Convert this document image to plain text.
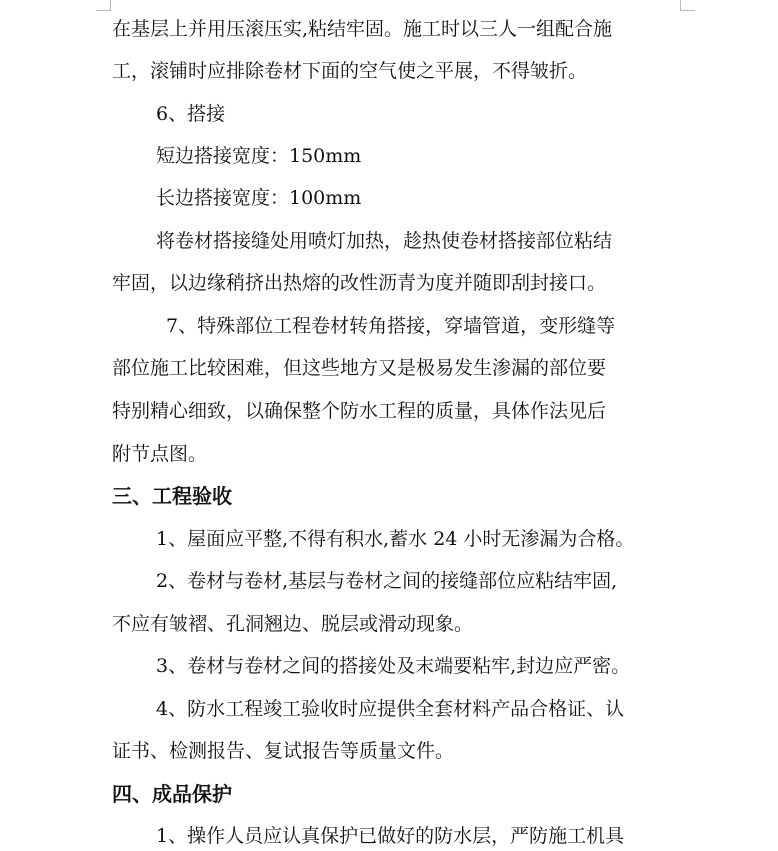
在基层上并用压滚压实,粘结牢固。施工时以三人一组配合施
工，滚铺时应排除卷材下面的空气使之平展，不得皱折。
6、搭接
短边搭接宽度：150mm
长边搭接宽度：100mm
将卷材搭接缝处用喷灯加热，趁热使卷材搭接部位粘结
牢固，以边缘稍挤出热熔的改性沥青为度并随即刮封接口。
7、特殊部位工程卷材转角搭接，穿墙管道，变形缝等
部位施工比较困难，但这些地方又是极易发生渗漏的部位要
特别精心细致，以确保整个防水工程的质量，具体作法见后
附节点图。
三、工程验收
1、屋面应平整,不得有积水,蓄水 24 小时无渗漏为合格。
2、卷材与卷材,基层与卷材之间的接缝部位应粘结牢固,
不应有皱褶、孔洞翘边、脱层或滑动现象。
3、卷材与卷材之间的搭接处及末端要粘牢,封边应严密。
4、防水工程竣工验收时应提供全套材料产品合格证、认
证书、检测报告、复试报告等质量文件。
四、成品保护
1、操作人员应认真保护已做好的防水层，严防施工机具
